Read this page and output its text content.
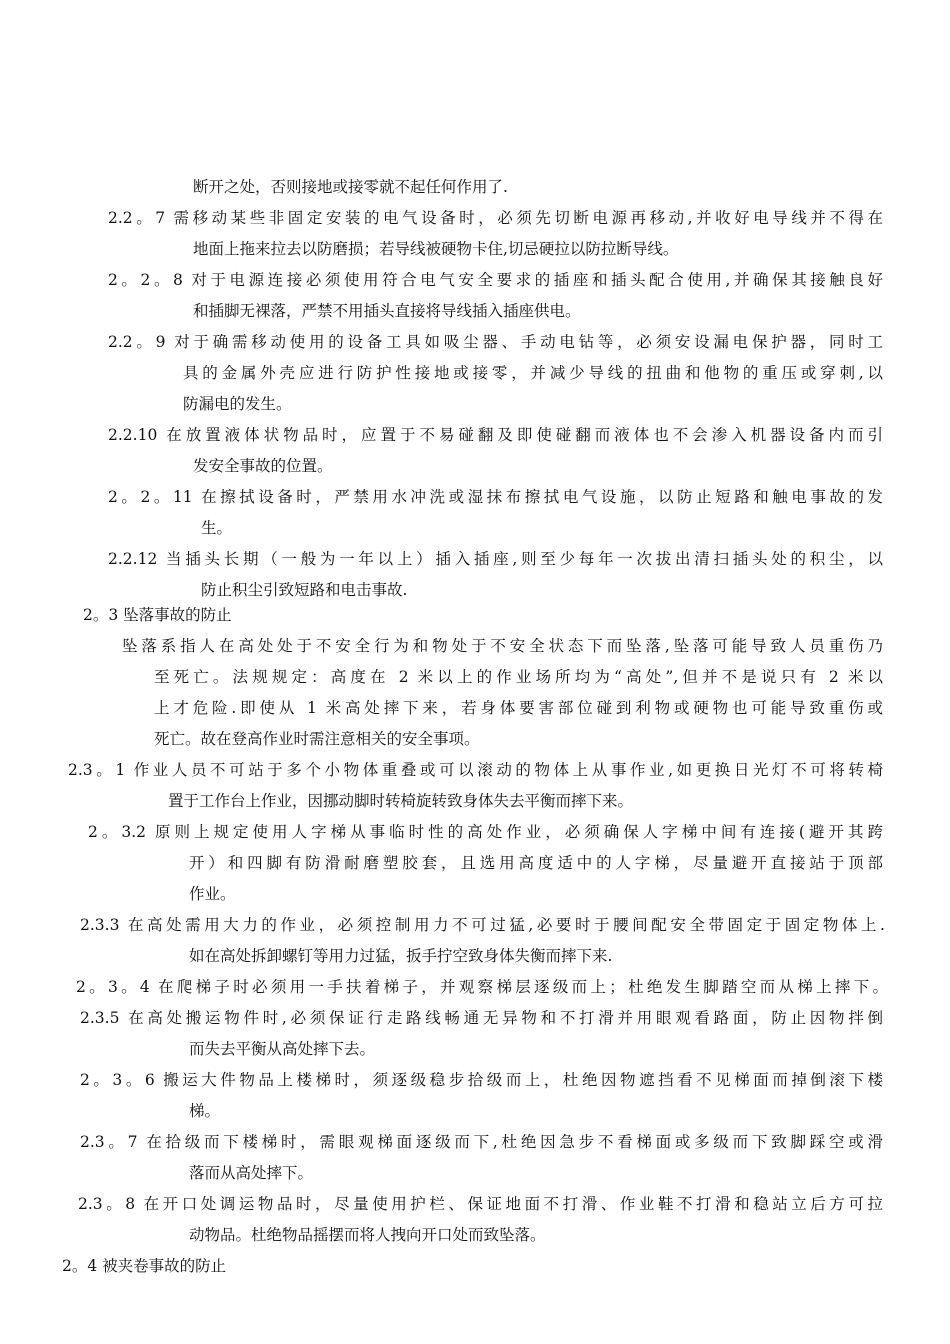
断开之处，否则接地或接零就不起任何作用了.
2.2。7 需移动某些非固定安装的电气设备时，必须先切断电源再移动,并收好电导线并不得在
地面上拖来拉去以防磨损；若导线被硬物卡住,切忌硬拉以防拉断导线。
2。2。8 对于电源连接必须使用符合电气安全要求的插座和插头配合使用,并确保其接触良好
和插脚无裸落，严禁不用插头直接将导线插入插座供电。
2.2。9 对于确需移动使用的设备工具如吸尘器、手动电钻等，必须安设漏电保护器，同时工
具的金属外壳应进行防护性接地或接零，并减少导线的扭曲和他物的重压或穿刺,以
防漏电的发生。
2.2.10 在放置液体状物品时，应置于不易碰翻及即使碰翻而液体也不会渗入机器设备内而引
发安全事故的位置。
2。2。11 在擦拭设备时，严禁用水冲洗或湿抹布擦拭电气设施，以防止短路和触电事故的发
生。
2.2.12 当插头长期（一般为一年以上）插入插座,则至少每年一次拔出清扫插头处的积尘，以
防止积尘引致短路和电击事故.
2。3 坠落事故的防止
坠落系指人在高处处于不安全行为和物处于不安全状态下而坠落,坠落可能导致人员重伤乃
至死亡。法规规定：高度在 2 米以上的作业场所均为“高处”,但并不是说只有 2 米以
上才危险.即使从 1 米高处摔下来，若身体要害部位碰到利物或硬物也可能导致重伤或
死亡。故在登高作业时需注意相关的安全事项。
2.3。1 作业人员不可站于多个小物体重叠或可以滚动的物体上从事作业,如更换日光灯不可将转椅
置于工作台上作业，因挪动脚时转椅旋转致身体失去平衡而摔下来。
2。3.2 原则上规定使用人字梯从事临时性的高处作业，必须确保人字梯中间有连接(避开其跨
开）和四脚有防滑耐磨塑胶套，且选用高度适中的人字梯，尽量避开直接站于顶部
作业。
2.3.3 在高处需用大力的作业，必须控制用力不可过猛,必要时于腰间配安全带固定于固定物体上.
如在高处拆卸螺钉等用力过猛，扳手拧空致身体失衡而摔下来.
2。3。4 在爬梯子时必须用一手扶着梯子，并观察梯层逐级而上；杜绝发生脚踏空而从梯上摔下。
2.3.5 在高处搬运物件时,必须保证行走路线畅通无异物和不打滑并用眼观看路面，防止因物拌倒
而失去平衡从高处摔下去。
2。3。6 搬运大件物品上楼梯时，须逐级稳步拾级而上，杜绝因物遮挡看不见梯面而掉倒滚下楼
梯。
2.3。7 在拾级而下楼梯时，需眼观梯面逐级而下,杜绝因急步不看梯面或多级而下致脚踩空或滑
落而从高处摔下。
2.3。8 在开口处调运物品时，尽量使用护栏、保证地面不打滑、作业鞋不打滑和稳站立后方可拉
动物品。杜绝物品摇摆而将人拽向开口处而致坠落。
2。4 被夹卷事故的防止
